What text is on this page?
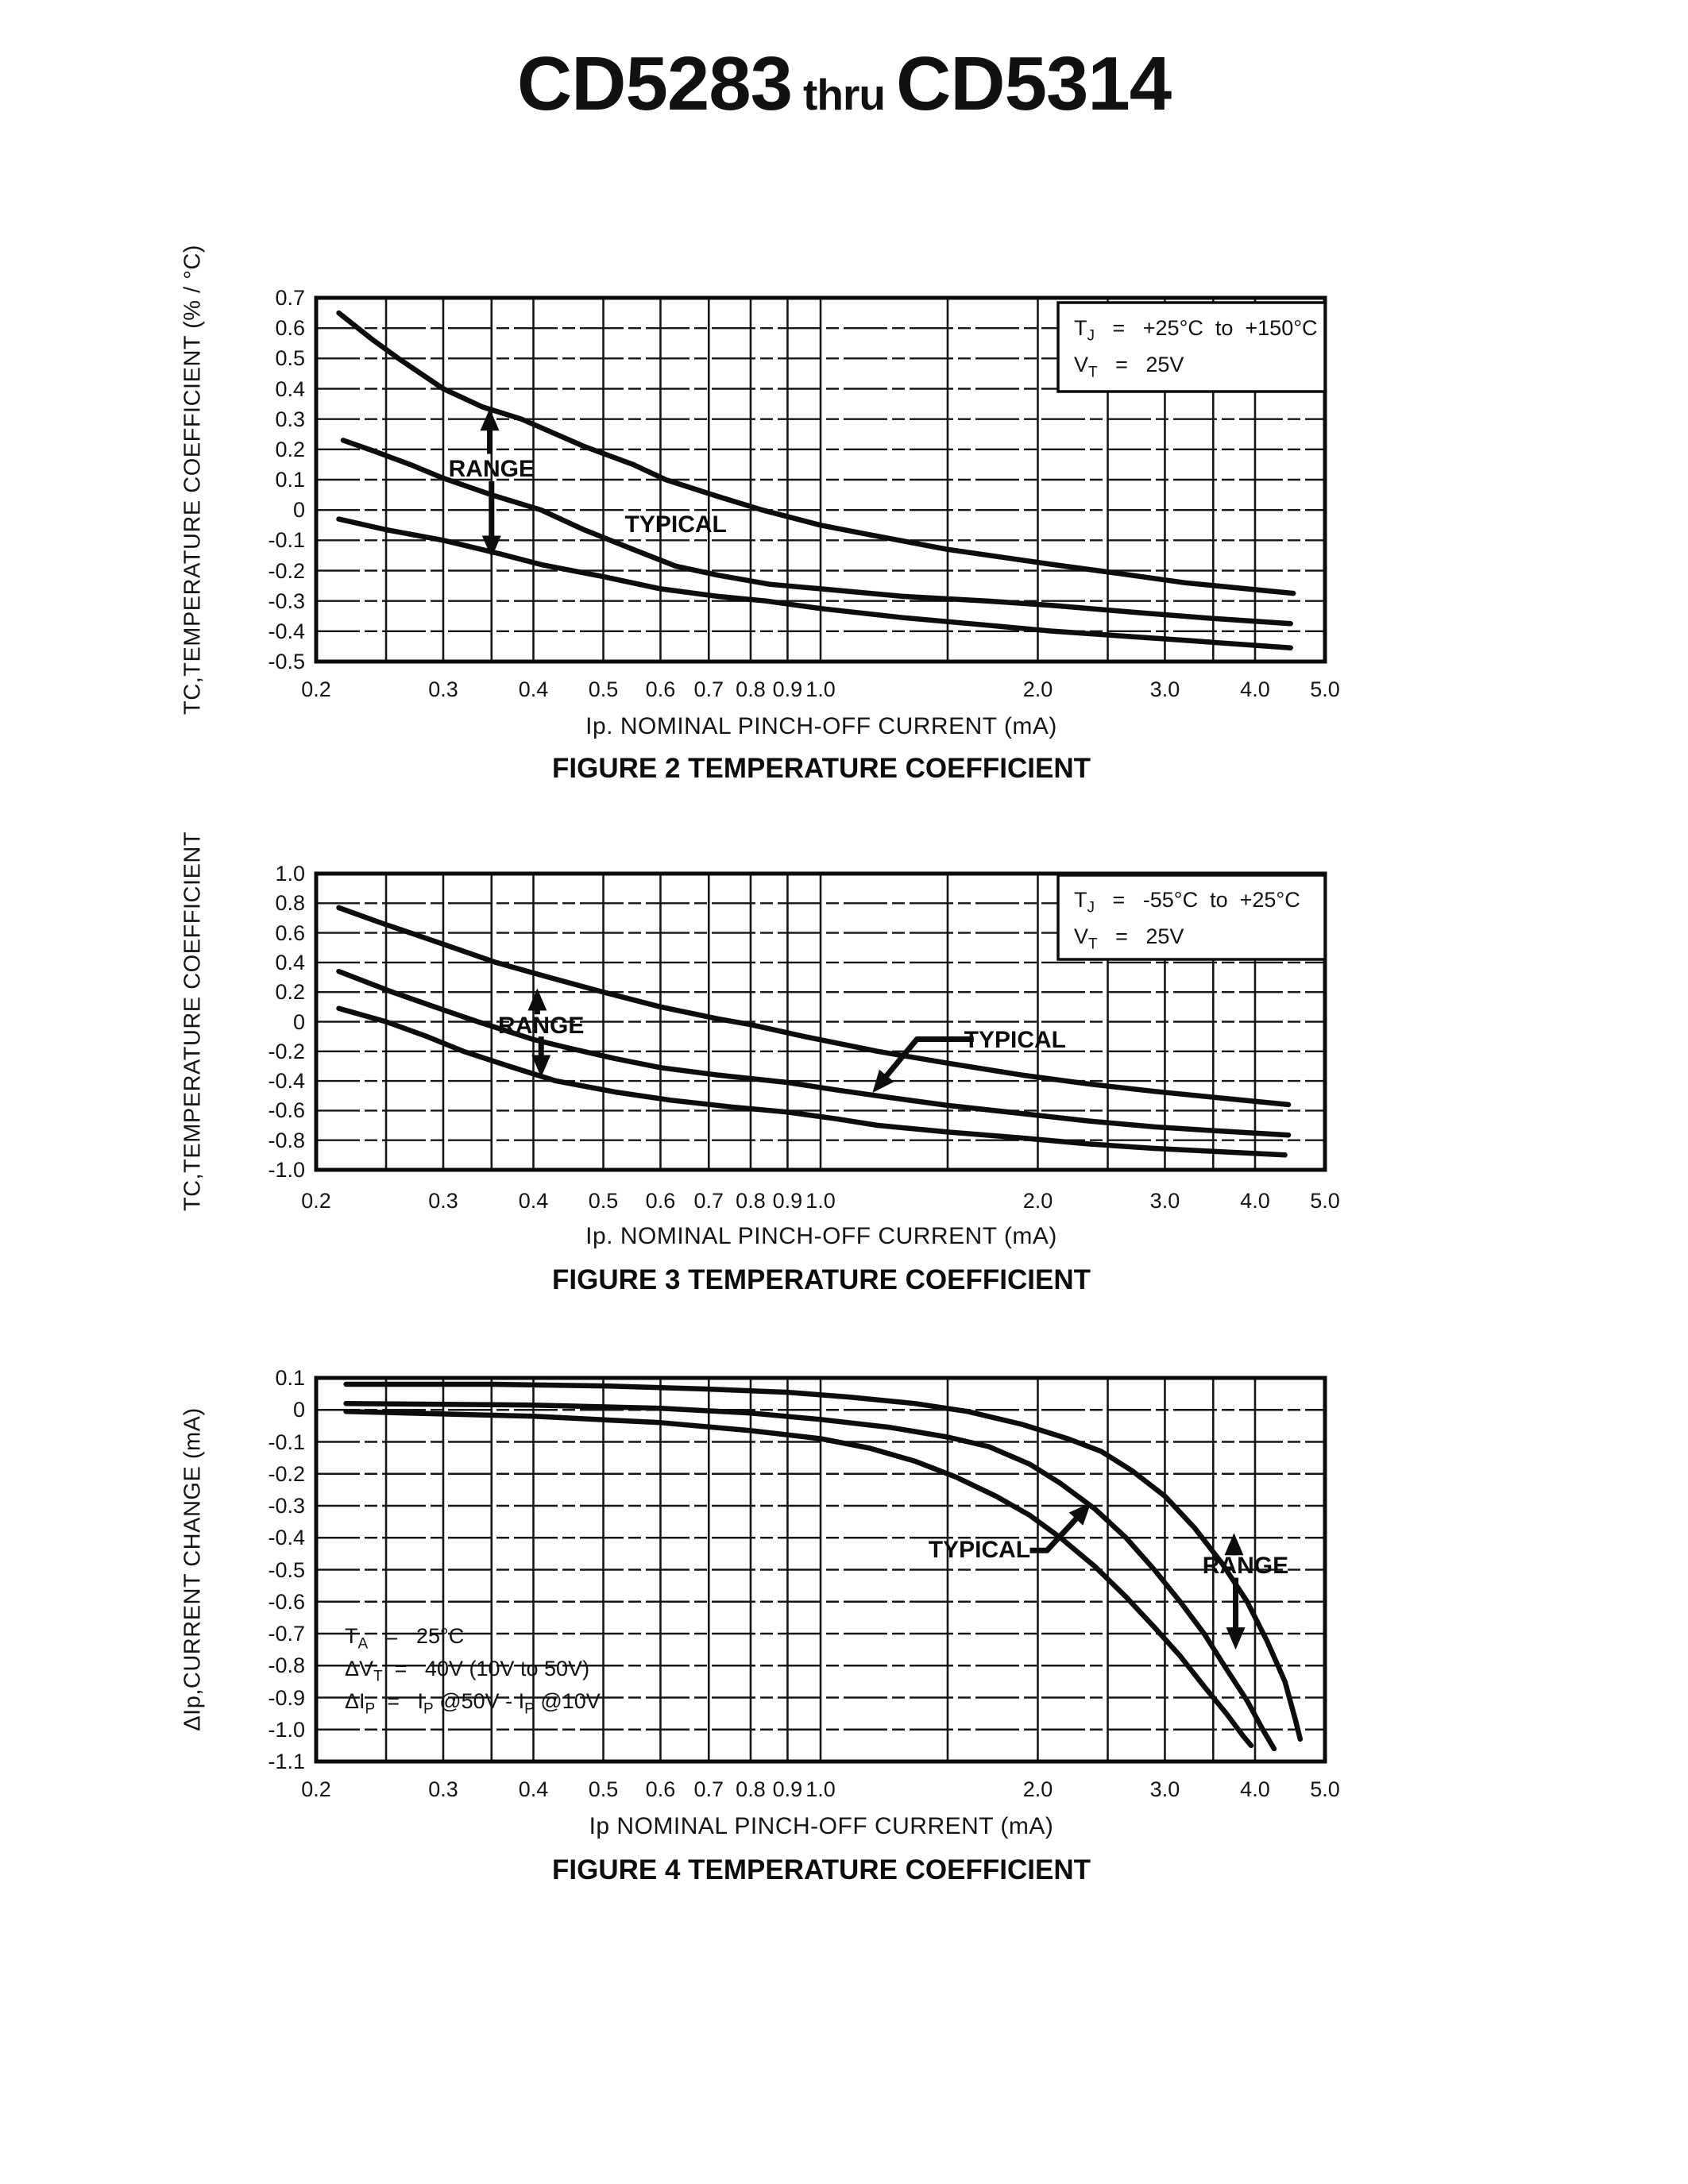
CD5283 thru CD5314
TC,TEMPERATURE COEFFICIENT (% / °C)
TC,TEMPERATURE COEFFICIENT
ΔIp,CURRENT CHANGE (mA)
Ip. NOMINAL PINCH-OFF CURRENT (mA)
Ip. NOMINAL PINCH-OFF CURRENT (mA)
Ip NOMINAL PINCH-OFF CURRENT (mA)
FIGURE 2 TEMPERATURE COEFFICIENT
FIGURE 3 TEMPERATURE COEFFICIENT
FIGURE 4 TEMPERATURE COEFFICIENT
RANGE
TYPICAL
0.7
0.6
0.5
0.4
0.3
0.2
0.1
0
-0.1
-0.2
-0.3
-0.4
-0.5
0.2	0.3	0.4	0.5	0.6 0.7 0.8 0.9 1.0	2.0	3.0	4.0	5.0
$T_J = +25^\circ C$  to  +150°C
$V_T = 25V$
RANGE
TYPICAL
1.0
0.8
0.6
0.4
0.2
0
-0.2
-0.4
-0.6
-0.8
-1.0
0.2	0.3	0.4	0.5	0.6 0.7 0.8 0.9 1.0	2.0	3.0	4.0	5.0
$T_J = -55^\circ C$  to  +25°C
$V_T = 25V$
RANGE
TYPICAL
0.1
0
-0.1
-0.2
-0.3
-0.4
-0.5
-0.6
-0.7
-0.8
-0.9
-1.0
-1.1
0.2	0.3	0.4	0.5	0.6 0.7 0.8 0.9 1.0	2.0	3.0	4.0	5.0
$T_A = 25^\circ C$
$\Delta V_T = 40V$ (10V to 50V)
$\Delta I_P = I_P$ @50V - $I_P$ @10V
